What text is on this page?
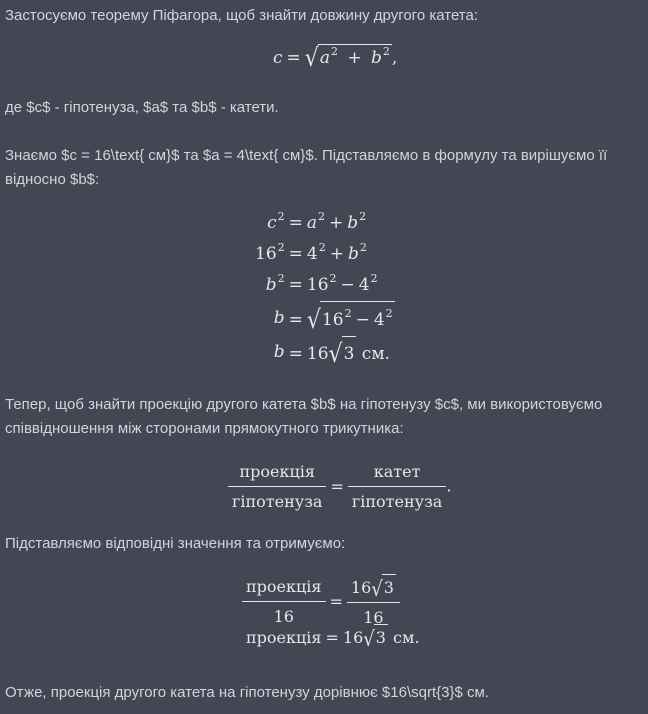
Застосуємо теорему Піфагора, щоб знайти довжину другого катета:

$c = √a^2 + b^2$ ,

де $c$ - гіпотенуза, $a$ та $b$ - катети.

Знаємо $c = 16\text{ см}$ та $a = 4\text{ см}$. Підставляємо в формулу та вирішуємо її відносно $b$:

$c^2 = a^2 + b^2$
$16^2 = 4^2 + b^2$
$b^2 = 16^2 - 4^2$
$b = √16^2 - 4^2$
b = 16√3 см.

Тепер, щоб знайти проекцію другого катета $b$ на гіпотенузу $c$, ми використовуємо співвідношення між сторонами прямокутного трикутника:

$\frac{\text{проекція}}{\text{гіпотенуза}} = \frac{\text{катет}}{\text{гіпотенуза}}$ .

Підставляємо відповідні значення та отримуємо:

$\frac{\text{проекція}}{16} = \frac{16√3}{16}$
проекція = 16√3 см.

Отже, проекція другого катета на гіпотенузу дорівнює $16\sqrt{3}$ см.
